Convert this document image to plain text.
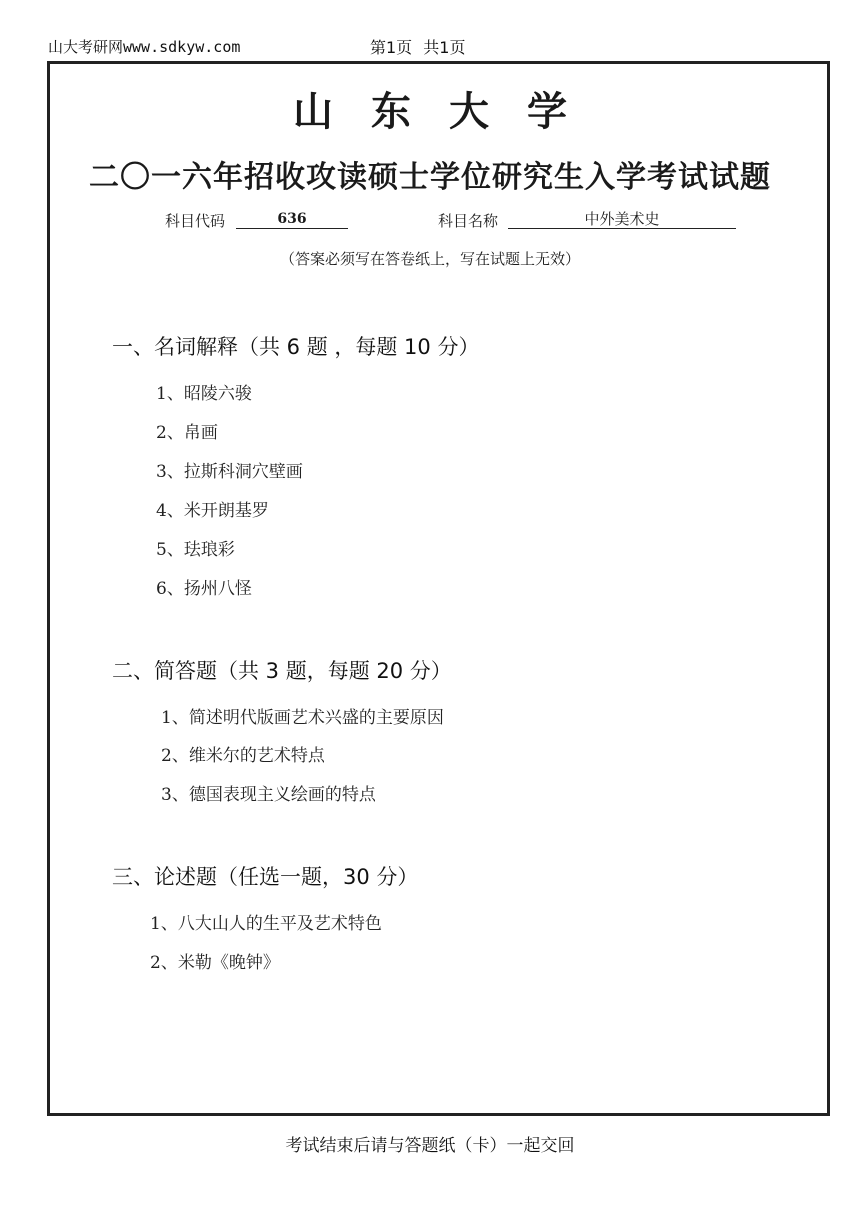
山大考研网www.sdkyw.com	第1页 共1页
山东大学
二〇一六年招收攻读硕士学位研究生入学考试试题
科目代码	636	科目名称	中外美术史
（答案必须写在答卷纸上，写在试题上无效）
一、名词解释（共 6 题 ，每题 10 分）
1、昭陵六骏
2、帛画
3、拉斯科洞穴壁画
4、米开朗基罗
5、珐琅彩
6、扬州八怪
二、简答题（共 3 题，每题 20 分）
1、简述明代版画艺术兴盛的主要原因
2、维米尔的艺术特点
3、德国表现主义绘画的特点
三、论述题（任选一题，30 分）
1、八大山人的生平及艺术特色
2、米勒《晚钟》
考试结束后请与答题纸（卡）一起交回
